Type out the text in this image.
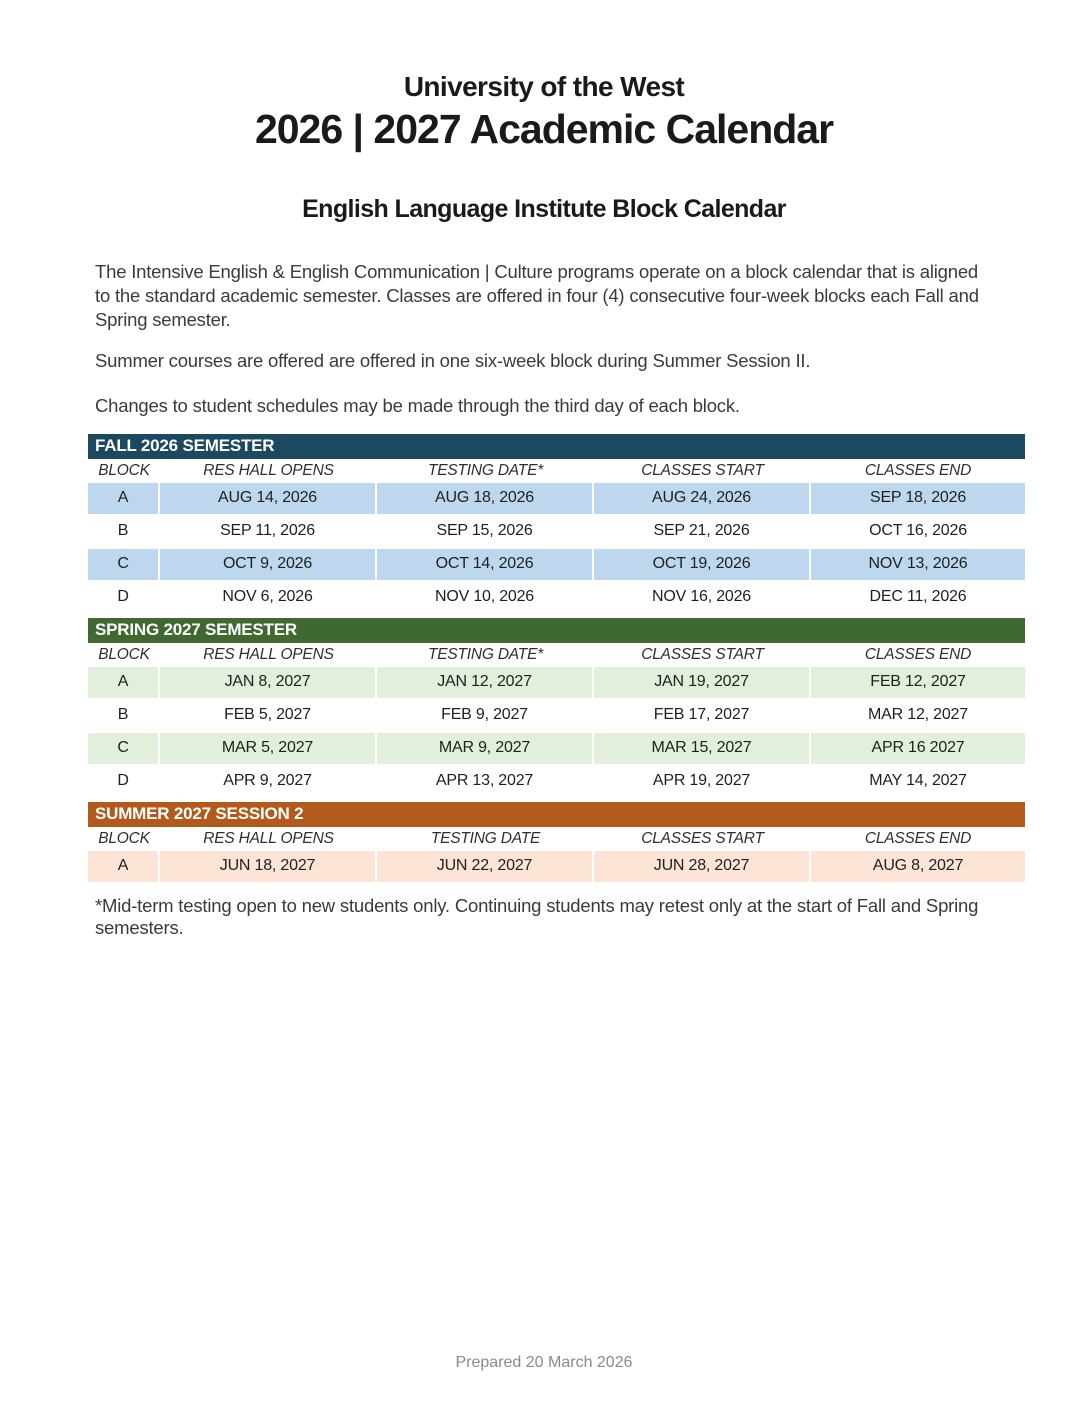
University of the West
2026 | 2027 Academic Calendar
English Language Institute Block Calendar

The Intensive English & English Communication | Culture programs operate on a block calendar that is aligned to the standard academic semester. Classes are offered in four (4) consecutive four-week blocks each Fall and Spring semester.

Summer courses are offered are offered in one six-week block during Summer Session II.

Changes to student schedules may be made through the third day of each block.

FALL 2026 SEMESTER
BLOCK	RES HALL OPENS	TESTING DATE*	CLASSES START	CLASSES END
A	AUG 14, 2026	AUG 18, 2026	AUG 24, 2026	SEP 18, 2026
B	SEP 11, 2026	SEP 15, 2026	SEP 21, 2026	OCT 16, 2026
C	OCT 9, 2026	OCT 14, 2026	OCT 19, 2026	NOV 13, 2026
D	NOV 6, 2026	NOV 10, 2026	NOV 16, 2026	DEC 11, 2026
SPRING 2027 SEMESTER
BLOCK	RES HALL OPENS	TESTING DATE*	CLASSES START	CLASSES END
A	JAN 8, 2027	JAN 12, 2027	JAN 19, 2027	FEB 12, 2027
B	FEB 5, 2027	FEB 9, 2027	FEB 17, 2027	MAR 12, 2027
C	MAR 5, 2027	MAR 9, 2027	MAR 15, 2027	APR 16 2027
D	APR 9, 2027	APR 13, 2027	APR 19, 2027	MAY 14, 2027
SUMMER 2027 SESSION 2
BLOCK	RES HALL OPENS	TESTING DATE	CLASSES START	CLASSES END
A	JUN 18, 2027	JUN 22, 2027	JUN 28, 2027	AUG 8, 2027

*Mid-term testing open to new students only. Continuing students may retest only at the start of Fall and Spring semesters.

Prepared 20 March 2026
